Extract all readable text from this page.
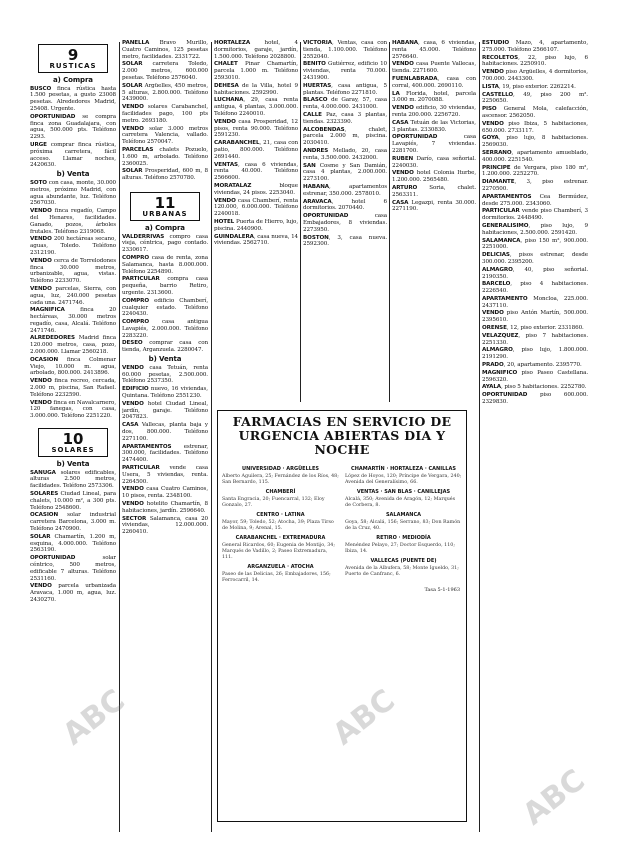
9
RUSTICAS
a) Compra

BUSCO finca rústica hasta 1.500 pesetas, a gusto 23008 pesetas. Alrededores Madrid, 25408. Urgente.

OPORTUNIDAD se compra finca zona Guadalajara, con agua, 500.000 pts. Teléfono 2293.

URGE comprar finca rústica, próxima carretera, fácil acceso. Llamar noches, 2420630.

b) Venta

SOTO con casa, monte, 30.000 metros, próximo Madrid, con agua abundante, luz. Teléfono 2567030.

VENDO finca regadío, Campo del Henares, facilidades. Ganado, pozos, árboles frutales. Teléfono 2319068.

VENDO 200 hectáreas secano, aguas, Toledo. Teléfono 2312190.

VENDO cerca de Torrelodones finca 30.000 metros, urbanizable, agua, vistas. Teléfono 2233070.

VENDO parcelas, Sierra, con agua, luz, 240.000 pesetas cada una. 2471746.

MAGNIFICA finca 20 hectáreas, 30.000 metros regadío, casa, Alcalá. Teléfono 2471746.

ALREDEDORES Madrid finca 120.000 metros, casa, pozo, 2.000.000. Llamar 2560218.

OCASION finca Colmenar Viejo, 10.000 m. agua, arbolado, 800.000. 2413896.

VENDO finca recreo, cercada, 2.000 m, piscina, San Rafael. Teléfono 2232590.

VENDO finca en Navalcarnero, 120 fanegas, con casa, 3.000.000. Teléfono 2251220.

10
SOLARES
b) Venta

SANUGA solares edificables, alturas 2.500 metros, facilidades. Teléfono 2573306.

SOLARES Ciudad Lineal, para chalets, 10.000 m², a 300 pts. Teléfono 2548600.

OCASION solar industrial carretera Barcelona, 3.000 m. Teléfono 2470900.

SOLAR Chamartín, 1.200 m, esquina, 4.000.000. Teléfono 2563190.

OPORTUNIDAD solar céntrico, 500 metros, edificable 7 alturas. Teléfono 2531160.

VENDO parcela urbanizada Aravaca, 1.000 m, agua, luz. 2430270.

PANELLA Bravo Murillo, Cuatro Caminos, 125 pesetas metro, facilidades. 2331722.

SOLAR carretera Toledo, 2.000 metros, 600.000 pesetas. Teléfono 2576040.

SOLAR Argüelles, 450 metros, 5 alturas, 2.800.000. Teléfono 2439000.

VENDO solares Carabanchel, facilidades pago, 100 pts metro. 2693180.

VENDO solar 3.000 metros carretera Valencia, vallado. Teléfono 2570047.

PARCELAS chalets Pozuelo, 1.600 m, arbolado. Teléfono 2360025.

SOLAR Prosperidad, 600 m, 8 alturas. Teléfono 2570780.

11
URBANAS
a) Compra

VALDERRIVAS compro casa vieja, céntrica, pago contado. 2330617.

COMPRO casa de renta, zona Salamanca, hasta 8.000.000. Teléfono 2254890.

PARTICULAR compra casa pequeña, barrio Retiro, urgente. 2313600.

COMPRO edificio Chamberí, cualquier estado. Teléfono 2240430.

COMPRO casa antigua Lavapiés, 2.000.000. Teléfono 2283220.

DESEO comprar casa con tienda, Arganzuela. 2280047.

b) Venta

VENDO casa Tetuán, renta 60.000 pesetas, 2.500.000. Teléfono 2537350.

EDIFICIO nuevo, 16 viviendas, Quintana. Teléfono 2551230.

VENDO hotel Ciudad Lineal, jardín, garaje. Teléfono 2047823.

CASA Vallecas, planta baja y dos, 800.000. Teléfono 2271100.

APARTAMENTOS estrenar, 300.000, facilidades. Teléfono 2474400.

PARTICULAR vende casa Usera, 5 viviendas, renta. 2264500.

VENDO casa Cuatro Caminos, 10 pisos, renta. 2348100.

VENDO hotelito Chamartín, 8 habitaciones, jardín. 2596640.

SECTOR Salamanca, casa 20 viviendas, 12.000.000. 2260410.

HORTALEZA hotel, 4 dormitorios, garaje, jardín, 1.500.000. Teléfono 2028800.

CHALET Pinar Chamartín, parcela 1.000 m. Teléfono 2593010.

DEHESA de la Villa, hotel 9 habitaciones. 2592990.

LUCHANA, 29, casa renta antigua, 4 plantas, 3.000.000. Teléfono 2240010.

VENDO casa Prosperidad, 12 pisos, renta 90.000. Teléfono 2591230.

CARABANCHEL, 21, casa con patio, 800.000. Teléfono 2691440.

VENTAS, casa 6 viviendas, renta 40.000. Teléfono 2566600.

MORATALAZ bloque viviendas, 24 pisos. 2253040.

VENDO casa Chamberí, renta 120.000, 6.000.000. Teléfono 2240018.

HOTEL Puerta de Hierro, lujo, piscina. 2440900.

GUINDALERA, casa nueva, 14 viviendas. 2562710.

VICTORIA, Ventas, casa con tienda, 1.100.000. Teléfono 2552040.

BENITO Gutiérrez, edificio 10 viviendas, renta 70.000. 2431900.

HUERTAS, casa antigua, 5 plantas. Teléfono 2271810.

BLASCO de Garay, 57, casa renta, 4.000.000. 2431000.

CALLE Paz, casa 3 plantas, tiendas. 2323390.

ALCOBENDAS, chalet, parcela 2.000 m, piscina. 2030410.

ANDRES Mellado, 20, casa renta, 3.500.000. 2432000.

SAN Cosme y San Damián, casa 4 plantas, 2.000.000. 2273100.

HABANA, apartamentos estrenar, 350.000. 2578010.

ARAVACA, hotel 6 dormitorios. 2070440.

OPORTUNIDAD casa Embajadores, 8 viviendas. 2273950.

BOSTON, 3, casa nueva. 2592300.

HABANA, casa, 6 viviendas, renta 45.000. Teléfono 2576640.

VENDO casa Puente Vallecas, tienda. 2271600.

FUENLABRADA, casa con corral, 400.000. 2690110.

LA Florida, hotel, parcela 3.000 m. 2070088.

VENDO edificio, 30 viviendas, renta 200.000. 2256720.

CASA Tetuán de las Victorias, 3 plantas. 2330830.

OPORTUNIDAD casa Lavapiés, 7 viviendas. 2281700.

RUBEN Darío, casa señorial. 2240030.

VENDO hotel Colonia Iturbe, 1.200.000. 2565480.

ARTURO Soria, chalet. 2563311.

CASA Legazpi, renta 30.000. 2271190.

ESTUDIO Mazo, 4, apartamento, 275.000. Teléfono 2566107.

RECOLETOS, 22, piso lujo, 6 habitaciones. 2250910.

VENDO piso Argüelles, 4 dormitorios, 700.000. 2443300.

LISTA, 19, piso exterior. 2262214.

CASTELLO, 49, piso 200 m². 2250650.

PISO General Mola, calefacción, ascensor. 2562050.

VENDO piso Ibiza, 5 habitaciones, 650.000. 2733117.

GOYA, piso lujo, 8 habitaciones. 2569030.

SERRANO, apartamento amueblado, 400.000. 2251540.

PRINCIPE de Vergara, piso 180 m², 1.200.000. 2252270.

DIAMANTE, 3, piso estrenar. 2270500.

APARTAMENTOS Cea Bermúdez, desde 275.000. 2343060.

PARTICULAR vende piso Chamberí, 3 dormitorios. 2448490.

GENERALISIMO, piso lujo, 9 habitaciones, 2.500.000. 2591420.

SALAMANCA, piso 150 m², 900.000. 2251000.

DELICIAS, pisos estrenar, desde 300.000. 2395200.

ALMAGRO, 40, piso señorial. 2190350.

BARCELO, piso 4 habitaciones. 2226540.

APARTAMENTO Moncloa, 225.000. 2437110.

VENDO piso Antón Martín, 500.000. 2395610.

ORENSE, 12, piso exterior. 2331860.

VELAZQUEZ, piso 7 habitaciones. 2251330.

ALMAGRO, piso lujo, 1.800.000. 2191290.

PRADO, 20, apartamento. 2395770.

MAGNIFICO piso Paseo Castellana. 2596320.

AYALA, piso 5 habitaciones. 2252780.

OPORTUNIDAD piso 600.000. 2329830.

FARMACIAS EN SERVICIO DE URGENCIA ABIERTAS DIA Y NOCHE
UNIVERSIDAD · ARGÜELLES

Alberto Aguilera, 25; Fernández de los Ríos, 48; San Bernardo, 115.

CHAMBERÍ

Santa Engracia, 20; Fuencarral, 132; Eloy Gonzalo, 27.

CENTRO · LATINA

Mayor, 59; Toledo, 52; Atocha, 39; Plaza Tirso de Molina, 9; Arenal, 15.

CARABANCHEL · EXTREMADURA

General Ricardos, 60; Eugenia de Montijo, 34; Marqués de Vadillo, 2; Paseo Extremadura, 111.

ARGANZUELA · ATOCHA

Paseo de las Delicias, 26; Embajadores, 156; Ferrocarril, 14.

CHAMARTÍN · HORTALEZA · CANILLAS

López de Hoyos, 120; Príncipe de Vergara, 240; Avenida del Generalísimo, 66.

VENTAS · SAN BLAS · CANILLEJAS

Alcalá, 350; Avenida de Aragón, 12; Marqués de Corbera, 8.

SALAMANCA

Goya, 58; Alcalá, 156; Serrano, 83; Don Ramón de la Cruz, 40.

RETIRO · MEDIODÍA

Menéndez Pelayo, 27; Doctor Esquerdo, 110; Ibiza, 14.

VALLECAS (PUENTE DE)

Avenida de la Albufera, 58; Monte Igueldo, 31; Puerto de Canfranc, 6.

Tasa 5-1-1963
ABC	ABC
ABC
